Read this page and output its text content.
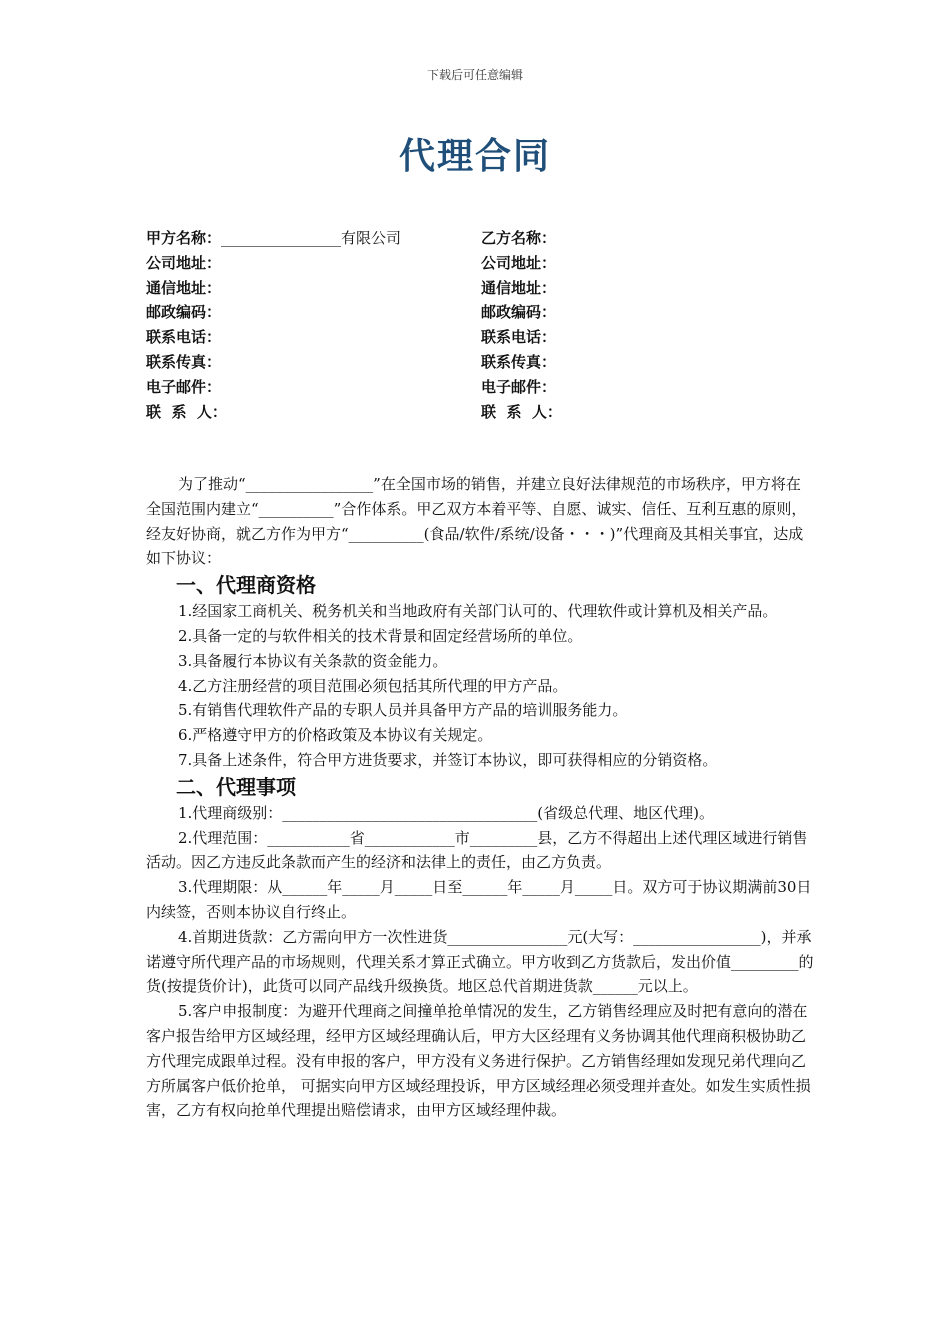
下载后可任意编辑
代理合同
甲方名称：________________有限公司
公司地址：
通信地址：
邮政编码：
联系电话：
联系传真：
电子邮件：
联  系  人：
乙方名称：
公司地址：
通信地址：
邮政编码：
联系电话：
联系传真：
电子邮件：
联  系  人：

为了推动“_________________”在全国市场的销售，并建立良好法律规范的市场秩序，甲方将在全国范围内建立“__________”合作体系。甲乙双方本着平等、自愿、诚实、信任、互利互惠的原则，经友好协商，就乙方作为甲方“__________(食品/软件/系统/设备・・・)”代理商及其相关事宜，达成如下协议：

一、代理商资格

1.经国家工商机关、税务机关和当地政府有关部门认可的、代理软件或计算机及相关产品。

2.具备一定的与软件相关的技术背景和固定经营场所的单位。

3.具备履行本协议有关条款的资金能力。

4.乙方注册经营的项目范围必须包括其所代理的甲方产品。

5.有销售代理软件产品的专职人员并具备甲方产品的培训服务能力。

6.严格遵守甲方的价格政策及本协议有关规定。

7.具备上述条件，符合甲方进货要求，并签订本协议，即可获得相应的分销资格。

二、代理事项

1.代理商级别：__________________________________(省级总代理、地区代理)。

2.代理范围：___________省____________市_________县，乙方不得超出上述代理区域进行销售活动。因乙方违反此条款而产生的经济和法律上的责任，由乙方负责。

3.代理期限：从______年_____月_____日至______年_____月_____日。双方可于协议期满前30日内续签，否则本协议自行终止。

4.首期进货款：乙方需向甲方一次性进货________________元(大写：_________________)，并承诺遵守所代理产品的市场规则，代理关系才算正式确立。甲方收到乙方货款后，发出价值_________的货(按提货价计)，此货可以同产品线升级换货。地区总代首期进货款______元以上。

5.客户申报制度：为避开代理商之间撞单抢单情况的发生，乙方销售经理应及时把有意向的潜在客户报告给甲方区域经理，经甲方区域经理确认后，甲方大区经理有义务协调其他代理商积极协助乙方代理完成跟单过程。没有申报的客户，甲方没有义务进行保护。乙方销售经理如发现兄弟代理向乙方所属客户低价抢单， 可据实向甲方区域经理投诉，甲方区域经理必须受理并查处。如发生实质性损害，乙方有权向抢单代理提出赔偿请求，由甲方区域经理仲裁。
